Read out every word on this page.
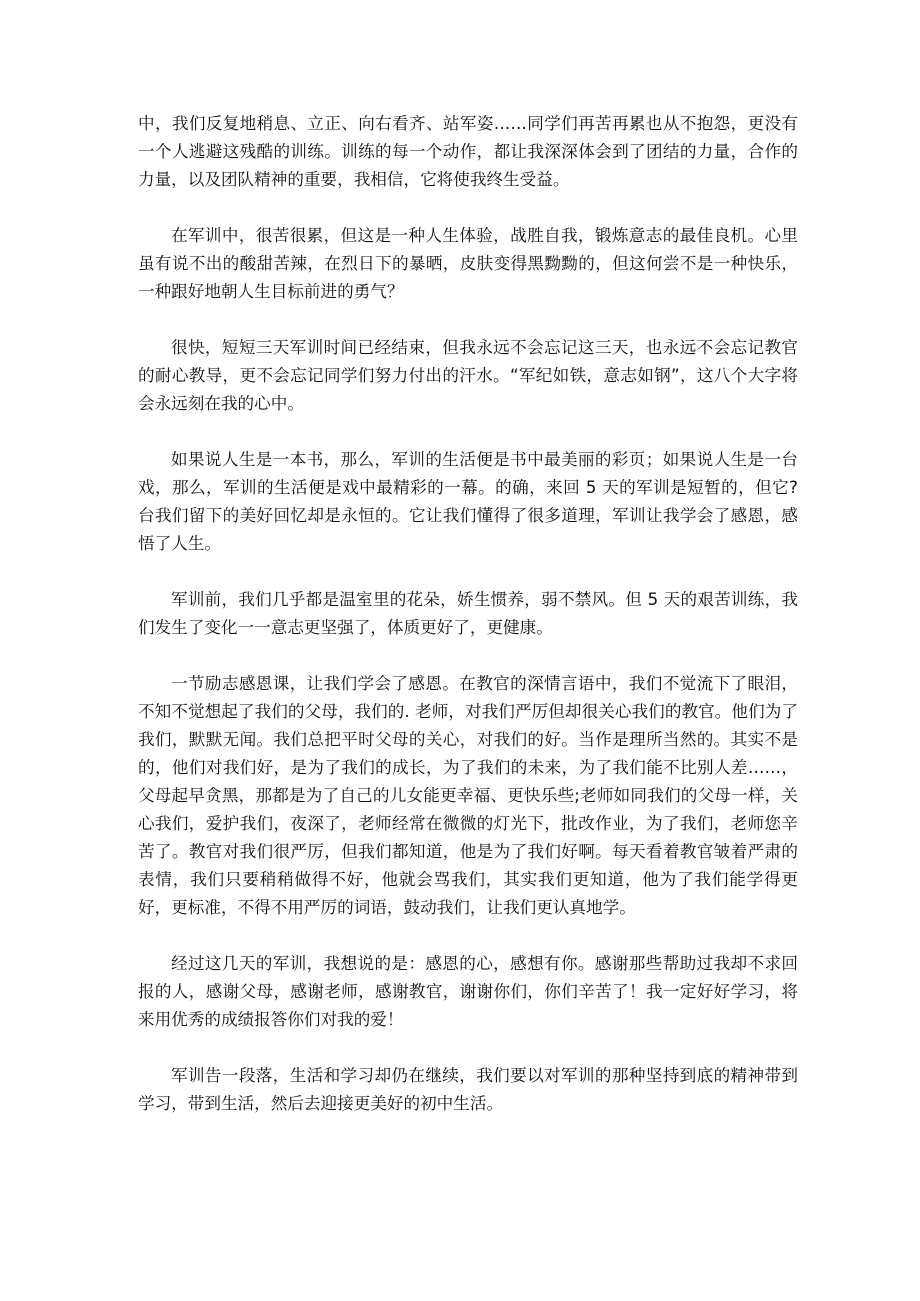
中，我们反复地稍息、立正、向右看齐、站军姿……同学们再苦再累也从不抱怨，更没有一个人逃避这残酷的训练。训练的每一个动作，都让我深深体会到了团结的力量，合作的力量，以及团队精神的重要，我相信，它将使我终生受益。

在军训中，很苦很累，但这是一种人生体验，战胜自我，锻炼意志的最佳良机。心里虽有说不出的酸甜苦辣，在烈日下的暴晒，皮肤变得黑黝黝的，但这何尝不是一种快乐，一种跟好地朝人生目标前进的勇气？

很快，短短三天军训时间已经结束，但我永远不会忘记这三天，也永远不会忘记教官的耐心教导，更不会忘记同学们努力付出的汗水。“军纪如铁，意志如钢”，这八个大字将会永远刻在我的心中。

如果说人生是一本书，那么，军训的生活便是书中最美丽的彩页；如果说人生是一台戏，那么，军训的生活便是戏中最精彩的一幕。的确，来回 5 天的军训是短暂的，但它?台我们留下的美好回忆却是永恒的。它让我们懂得了很多道理，军训让我学会了感恩，感悟了人生。

军训前，我们几乎都是温室里的花朵，娇生惯养，弱不禁风。但 5 天的艰苦训练，我们发生了变化一一意志更坚强了，体质更好了，更健康。

一节励志感恩课，让我们学会了感恩。在教官的深情言语中，我们不觉流下了眼泪，不知不觉想起了我们的父母，我们的. 老师，对我们严厉但却很关心我们的教官。他们为了我们，默默无闻。我们总把平时父母的关心，对我们的好。当作是理所当然的。其实不是的，他们对我们好，是为了我们的成长，为了我们的未来，为了我们能不比别人差……，父母起早贪黑，那都是为了自己的儿女能更幸福、更快乐些;老师如同我们的父母一样，关心我们，爱护我们，夜深了，老师经常在微微的灯光下，批改作业，为了我们，老师您辛苦了。教官对我们很严厉，但我们都知道，他是为了我们好啊。每天看着教官皱着严肃的表情，我们只要稍稍做得不好，他就会骂我们，其实我们更知道，他为了我们能学得更好，更标准，不得不用严厉的词语，鼓动我们，让我们更认真地学。

经过这几天的军训，我想说的是：感恩的心，感想有你。感谢那些帮助过我却不求回报的人，感谢父母，感谢老师，感谢教官，谢谢你们，你们辛苦了！我一定好好学习，将来用优秀的成绩报答你们对我的爱！

军训告一段落，生活和学习却仍在继续，我们要以对军训的那种坚持到底的精神带到学习，带到生活，然后去迎接更美好的初中生活。
